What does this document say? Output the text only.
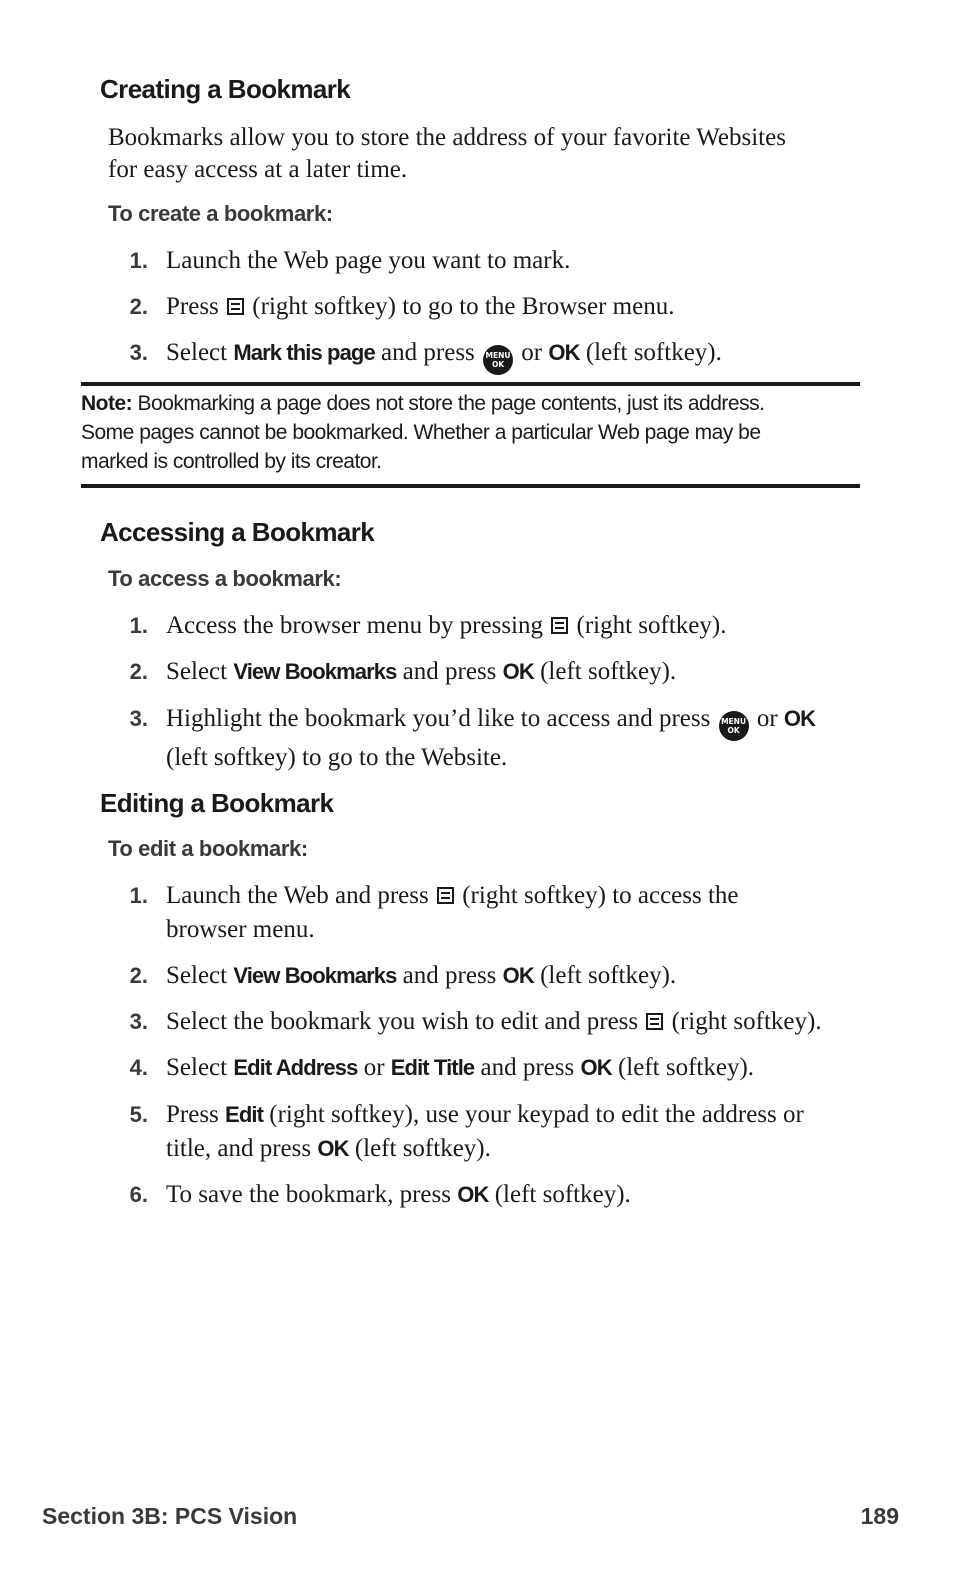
Creating a Bookmark
Bookmarks allow you to store the address of your favorite Websites
for easy access at a later time.
To create a bookmark:
1. Launch the Web page you want to mark.
2. Press (right softkey) to go to the Browser menu.
3. Select Mark this page and press MENU
OK or OK (left softkey).
Note: Bookmarking a page does not store the page contents, just its address.
Some pages cannot be bookmarked. Whether a particular Web page may be
marked is controlled by its creator.
Accessing a Bookmark
To access a bookmark:
1. Access the browser menu by pressing (right softkey).
2. Select View Bookmarks and press OK (left softkey).
3. Highlight the bookmark you’d like to access and press MENU
OK or OK
(left softkey) to go to the Website.
Editing a Bookmark
To edit a bookmark:
1. Launch the Web and press (right softkey) to access the
browser menu.
2. Select View Bookmarks and press OK (left softkey).
3. Select the bookmark you wish to edit and press (right softkey).
4. Select Edit Address or Edit Title and press OK (left softkey).
5. Press Edit (right softkey), use your keypad to edit the address or
title, and press OK (left softkey).
6. To save the bookmark, press OK (left softkey).
Section 3B: PCS Vision	189
